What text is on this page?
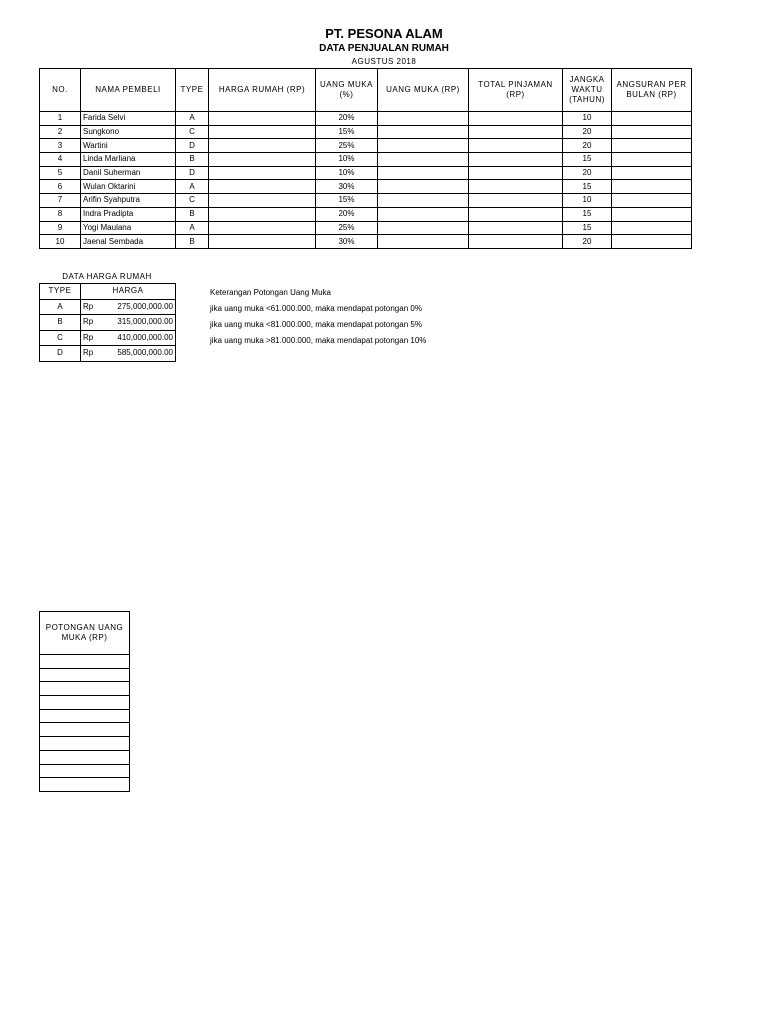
PT. PESONA ALAM
DATA PENJUALAN RUMAH
AGUSTUS 2018
NO.	NAMA PEMBELI	TYPE	HARGA RUMAH (RP)	UANG MUKA (%)	UANG MUKA (RP)	TOTAL PINJAMAN (RP)	JANGKA WAKTU (TAHUN)	ANGSURAN PER BULAN (RP)
1	Farida Selvi	A		20%			10	
2	Sungkono	C		15%			20	
3	Wartini	D		25%			20	
4	Linda Marliana	B		10%			15	
5	Danil Suherman	D		10%			20	
6	Wulan Oktarini	A		30%			15	
7	Arifin Syahputra	C		15%			10	
8	Indra Pradipta	B		20%			15	
9	Yogi Maulana	A		25%			15	
10	Jaenal Sembada	B		30%			20	
DATA HARGA RUMAH
TYPE	HARGA
A	Rp 275,000,000.00

B	Rp 315,000,000.00

C	Rp 410,000,000.00

D	Rp 585,000,000.00
Keterangan Potongan Uang Muka
jika uang muka <61.000.000, maka mendapat potongan 0%
jika uang muka <81.000.000, maka mendapat potongan 5%
jika uang muka >81.000.000, maka mendapat potongan 10%
POTONGAN UANG MUKA (RP)
